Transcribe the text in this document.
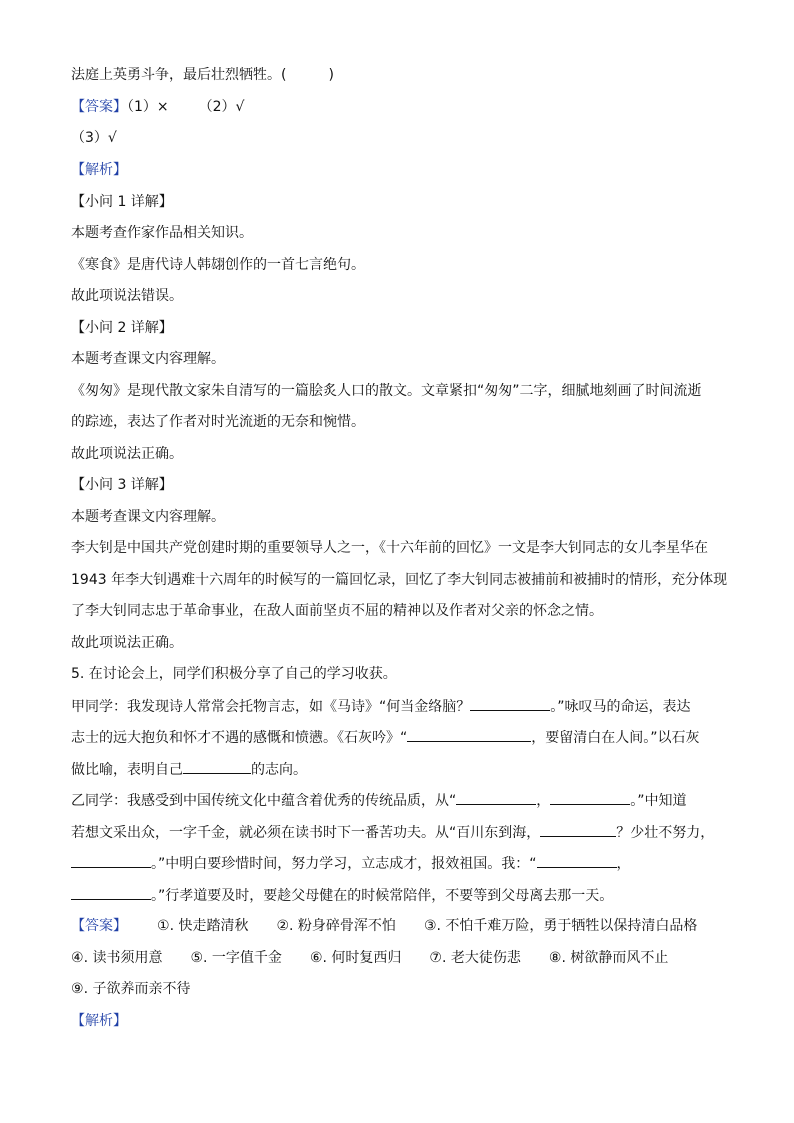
法庭上英勇斗争，最后壮烈牺牲。(　　　)
【答案】（1）× （2）√
（3）√
【解析】
【小问 1 详解】
本题考查作家作品相关知识。
《寒食》是唐代诗人韩翃创作的一首七言绝句。
故此项说法错误。
【小问 2 详解】
本题考查课文内容理解。
《匆匆》是现代散文家朱自清写的一篇脍炙人口的散文。文章紧扣“匆匆”二字，细腻地刻画了时间流逝
的踪迹，表达了作者对时光流逝的无奈和惋惜。
故此项说法正确。
【小问 3 详解】
本题考查课文内容理解。
李大钊是中国共产党创建时期的重要领导人之一，《十六年前的回忆》一文是李大钊同志的女儿李星华在
1943 年李大钊遇难十六周年的时候写的一篇回忆录，回忆了李大钊同志被捕前和被捕时的情形，充分体现
了李大钊同志忠于革命事业，在敌人面前坚贞不屈的精神以及作者对父亲的怀念之情。
故此项说法正确。
5. 在讨论会上，同学们积极分享了自己的学习收获。
甲同学：我发现诗人常常会托物言志，如《马诗》“何当金络脑？	。”咏叹马的命运，表达
志士的远大抱负和怀才不遇的感慨和愤懑。《石灰吟》“	，要留清白在人间。”以石灰
做比喻，表明自己	的志向。
乙同学：我感受到中国传统文化中蕴含着优秀的传统品质，从“	，	。”中知道
若想文采出众，一字千金，就必须在读书时下一番苦功夫。从“百川东到海，	？少壮不努力，
。”中明白要珍惜时间，努力学习，立志成才，报效祖国。我：“	，
。”行孝道要及时，要趁父母健在的时候常陪伴，不要等到父母离去那一天。
【答案】 ①. 快走踏清秋 ②. 粉身碎骨浑不怕 ③. 不怕千难万险，勇于牺牲以保持清白品格
④. 读书须用意 ⑤. 一字值千金 ⑥. 何时复西归 ⑦. 老大徒伤悲 ⑧. 树欲静而风不止
⑨. 子欲养而亲不待
【解析】
